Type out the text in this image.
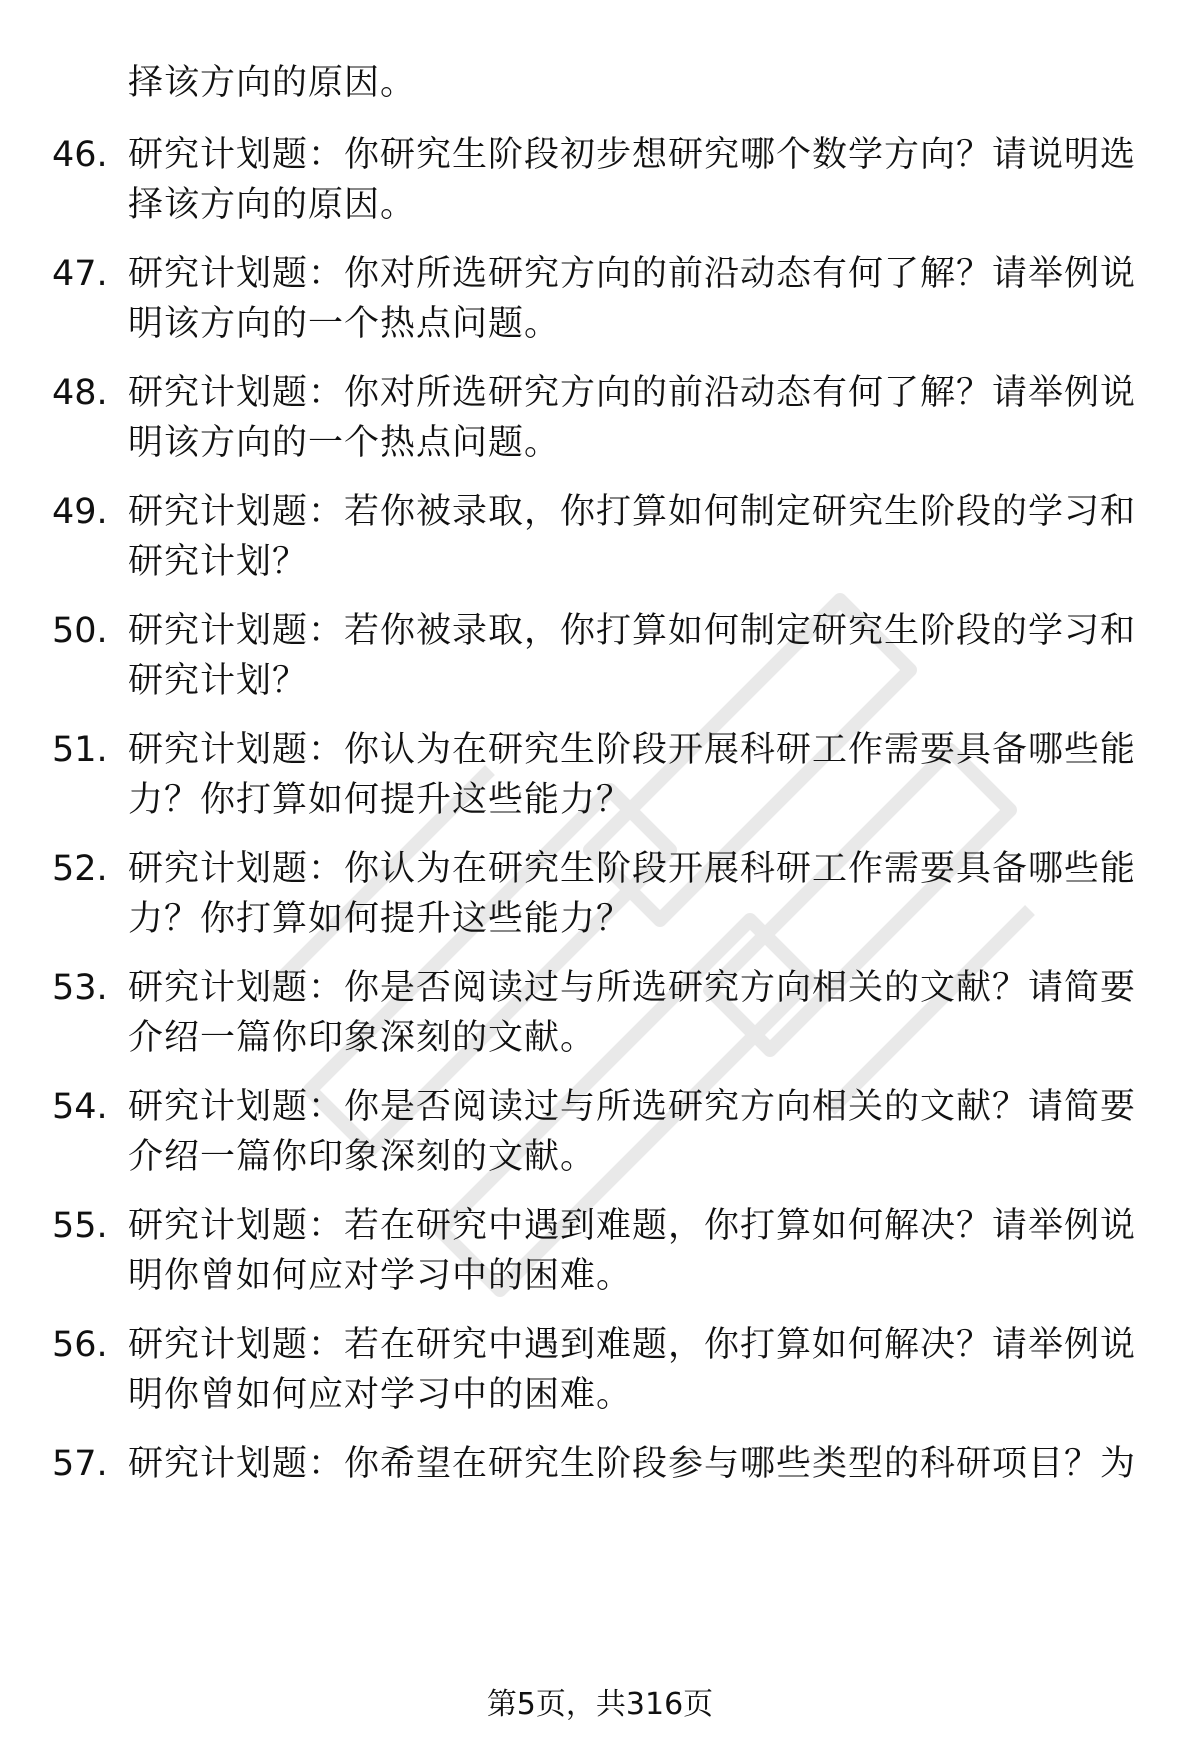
择该方向的原因。
46. 研究计划题：你研究生阶段初步想研究哪个数学方向？请说明选择该方向的原因。
47. 研究计划题：你对所选研究方向的前沿动态有何了解？请举例说明该方向的一个热点问题。
48. 研究计划题：你对所选研究方向的前沿动态有何了解？请举例说明该方向的一个热点问题。
49. 研究计划题：若你被录取，你打算如何制定研究生阶段的学习和研究计划？
50. 研究计划题：若你被录取，你打算如何制定研究生阶段的学习和研究计划？
51. 研究计划题：你认为在研究生阶段开展科研工作需要具备哪些能力？你打算如何提升这些能力？
52. 研究计划题：你认为在研究生阶段开展科研工作需要具备哪些能力？你打算如何提升这些能力？
53. 研究计划题：你是否阅读过与所选研究方向相关的文献？请简要介绍一篇你印象深刻的文献。
54. 研究计划题：你是否阅读过与所选研究方向相关的文献？请简要介绍一篇你印象深刻的文献。
55. 研究计划题：若在研究中遇到难题，你打算如何解决？请举例说明你曾如何应对学习中的困难。
56. 研究计划题：若在研究中遇到难题，你打算如何解决？请举例说明你曾如何应对学习中的困难。
57. 研究计划题：你希望在研究生阶段参与哪些类型的科研项目？为
第5页，共316页
